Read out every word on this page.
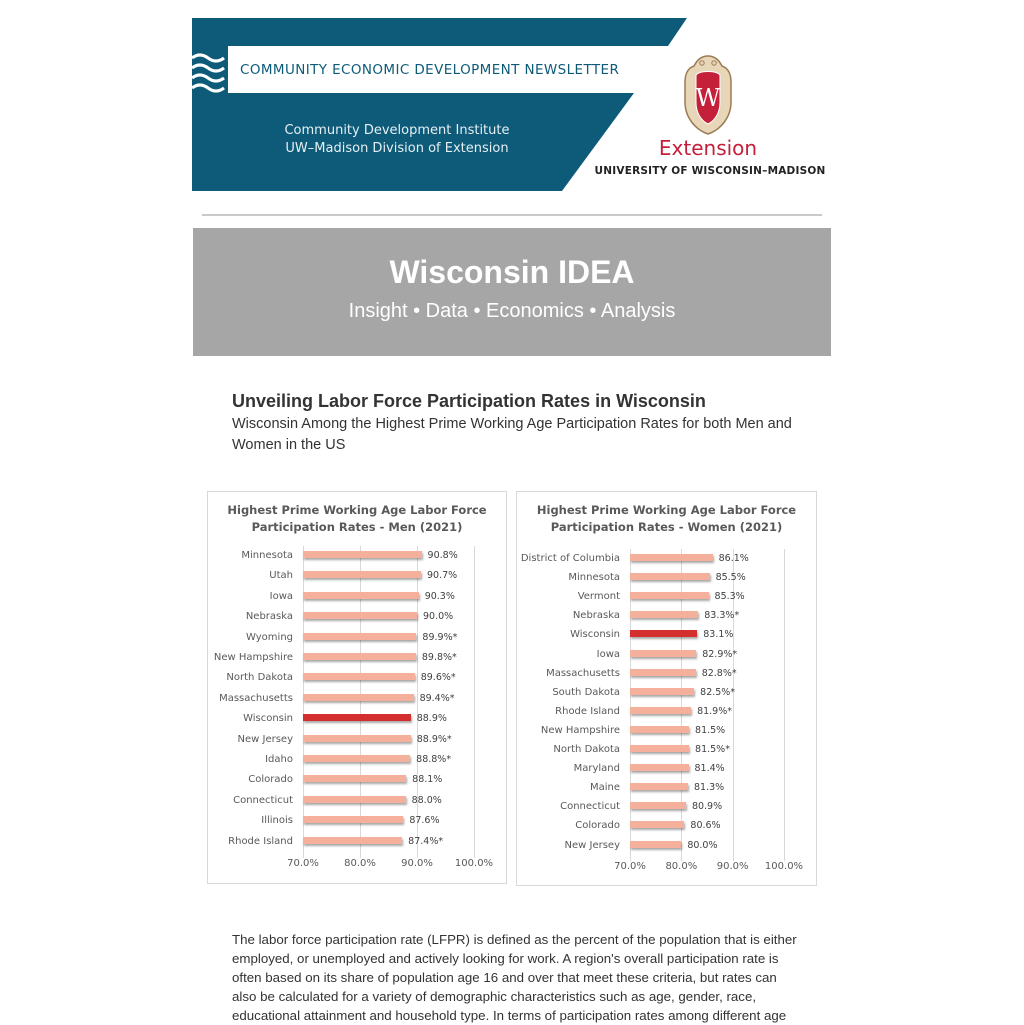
COMMUNITY ECONOMIC DEVELOPMENT NEWSLETTER
Community Development Institute
UW–Madison Division of Extension
W
Extension
UNIVERSITY OF WISCONSIN–MADISON
Wisconsin IDEA
Insight • Data • Economics • Analysis
Unveiling Labor Force Participation Rates in Wisconsin
Wisconsin Among the Highest Prime Working Age Participation Rates for both Men and Women in the US
Highest Prime Working Age Labor Force
Participation Rates - Men (2021)
Minnesota	90.8%
Utah	90.7%
Iowa	90.3%
Nebraska	90.0%
Wyoming	89.9%*
New Hampshire	89.8%*
North Dakota	89.6%*
Massachusetts	89.4%*
Wisconsin	88.9%
New Jersey	88.9%*
Idaho	88.8%*
Colorado	88.1%
Connecticut	88.0%
Illinois	87.6%
Rhode Island	87.4%*
70.0%	80.0%	90.0% 100.0%
Highest Prime Working Age Labor Force
Participation Rates - Women (2021)
District of Columbia	86.1%
Minnesota	85.5%
Vermont	85.3%
Nebraska	83.3%*
Wisconsin	83.1%
Iowa	82.9%*
Massachusetts	82.8%*
South Dakota	82.5%*
Rhode Island	81.9%*
New Hampshire	81.5%
North Dakota	81.5%*
Maryland	81.4%
Maine	81.3%
Connecticut	80.9%
Colorado	80.6%
New Jersey	80.0%
70.0% 80.0% 90.0% 100.0%
The labor force participation rate (LFPR) is defined as the percent of the population that is either employed, or unemployed and actively looking for work. A region's overall participation rate is often based on its share of population age 16 and over that meet these criteria, but rates can also be calculated for a variety of demographic characteristics such as age, gender, race, educational attainment and household type. In terms of participation rates among different age
